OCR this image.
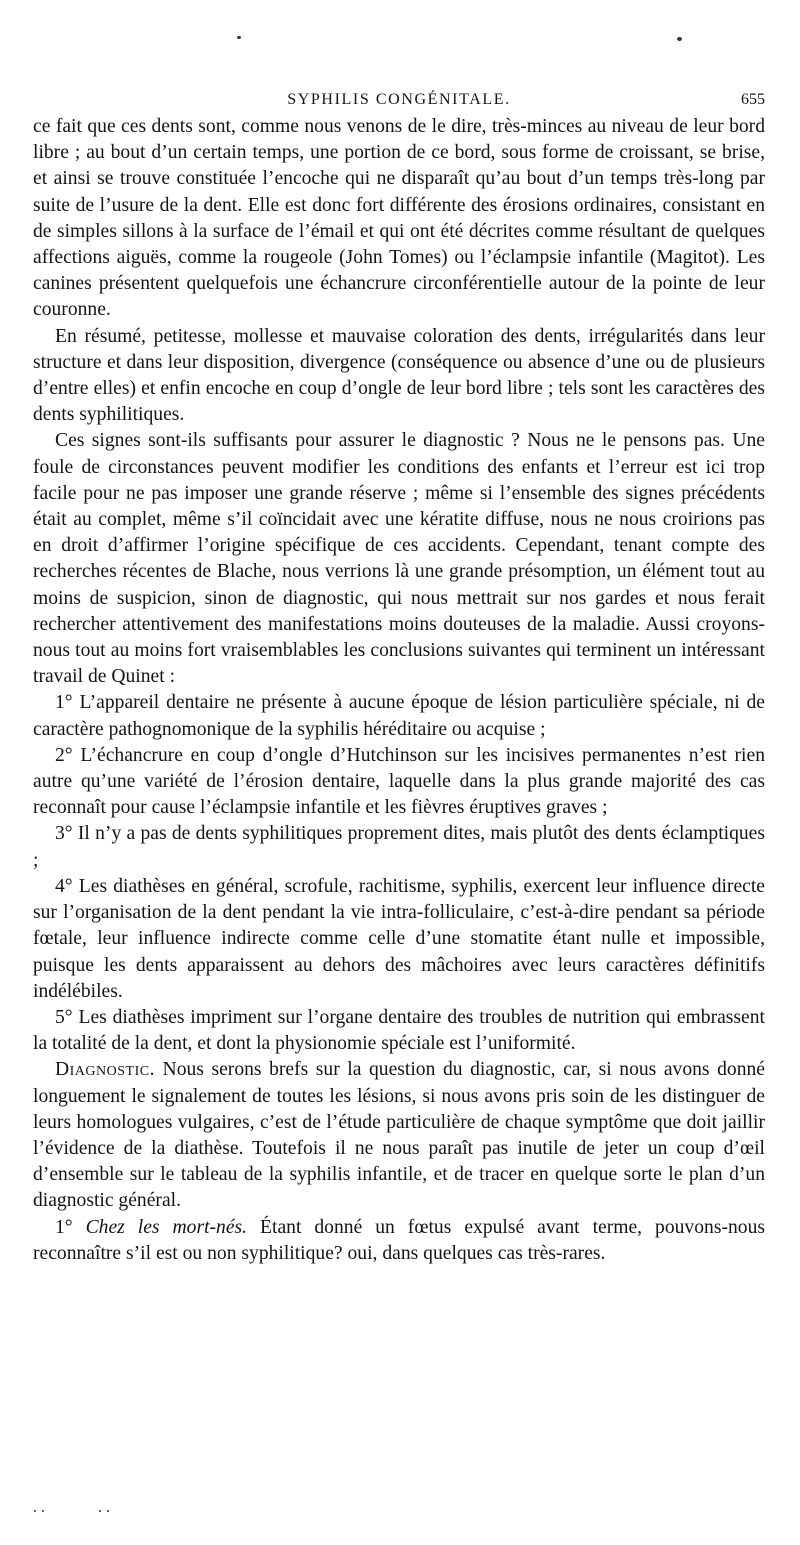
SYPHILIS CONGÉNITALE.	655

ce fait que ces dents sont, comme nous venons de le dire, très-minces au niveau de leur bord libre ; au bout d’un certain temps, une portion de ce bord, sous forme de croissant, se brise, et ainsi se trouve constituée l’encoche qui ne disparaît qu’au bout d’un temps très-long par suite de l’usure de la dent. Elle est donc fort différente des érosions ordinaires, consistant en de simples sillons à la surface de l’émail et qui ont été décrites comme résultant de quelques affections aiguës, comme la rougeole (John Tomes) ou l’éclampsie infantile (Magitot). Les canines présentent quelquefois une échancrure circonférentielle autour de la pointe de leur couronne.

En résumé, petitesse, mollesse et mauvaise coloration des dents, irrégularités dans leur structure et dans leur disposition, divergence (conséquence ou absence d’une ou de plusieurs d’entre elles) et enfin encoche en coup d’ongle de leur bord libre ; tels sont les caractères des dents syphilitiques.

Ces signes sont-ils suffisants pour assurer le diagnostic ? Nous ne le pensons pas. Une foule de circonstances peuvent modifier les conditions des enfants et l’erreur est ici trop facile pour ne pas imposer une grande réserve ; même si l’ensemble des signes précédents était au complet, même s’il coïncidait avec une kératite diffuse, nous ne nous croirions pas en droit d’affirmer l’origine spécifique de ces accidents. Cependant, tenant compte des recherches récentes de Blache, nous verrions là une grande présomption, un élément tout au moins de suspicion, sinon de diagnostic, qui nous mettrait sur nos gardes et nous ferait rechercher attentivement des manifestations moins douteuses de la maladie. Aussi croyons-nous tout au moins fort vraisemblables les conclusions suivantes qui terminent un intéressant travail de Quinet :

1° L’appareil dentaire ne présente à aucune époque de lésion particulière spéciale, ni de caractère pathognomonique de la syphilis héréditaire ou acquise ;

2° L’échancrure en coup d’ongle d’Hutchinson sur les incisives permanentes n’est rien autre qu’une variété de l’érosion dentaire, laquelle dans la plus grande majorité des cas reconnaît pour cause l’éclampsie infantile et les fièvres éruptives graves ;

3° Il n’y a pas de dents syphilitiques proprement dites, mais plutôt des dents éclamptiques ;

4° Les diathèses en général, scrofule, rachitisme, syphilis, exercent leur influence directe sur l’organisation de la dent pendant la vie intra-folliculaire, c’est-à-dire pendant sa période fœtale, leur influence indirecte comme celle d’une stomatite étant nulle et impossible, puisque les dents apparaissent au dehors des mâchoires avec leurs caractères définitifs indélébiles.

5° Les diathèses impriment sur l’organe dentaire des troubles de nutrition qui embrassent la totalité de la dent, et dont la physionomie spéciale est l’uniformité.

Diagnostic. Nous serons brefs sur la question du diagnostic, car, si nous avons donné longuement le signalement de toutes les lésions, si nous avons pris soin de les distinguer de leurs homologues vulgaires, c’est de l’étude particulière de chaque symptôme que doit jaillir l’évidence de la diathèse. Toutefois il ne nous paraît pas inutile de jeter un coup d’œil d’ensemble sur le tableau de la syphilis infantile, et de tracer en quelque sorte le plan d’un diagnostic général.

1° Chez les mort-nés. Étant donné un fœtus expulsé avant terme, pouvons-nous reconnaître s’il est ou non syphilitique? oui, dans quelques cas très-rares.
